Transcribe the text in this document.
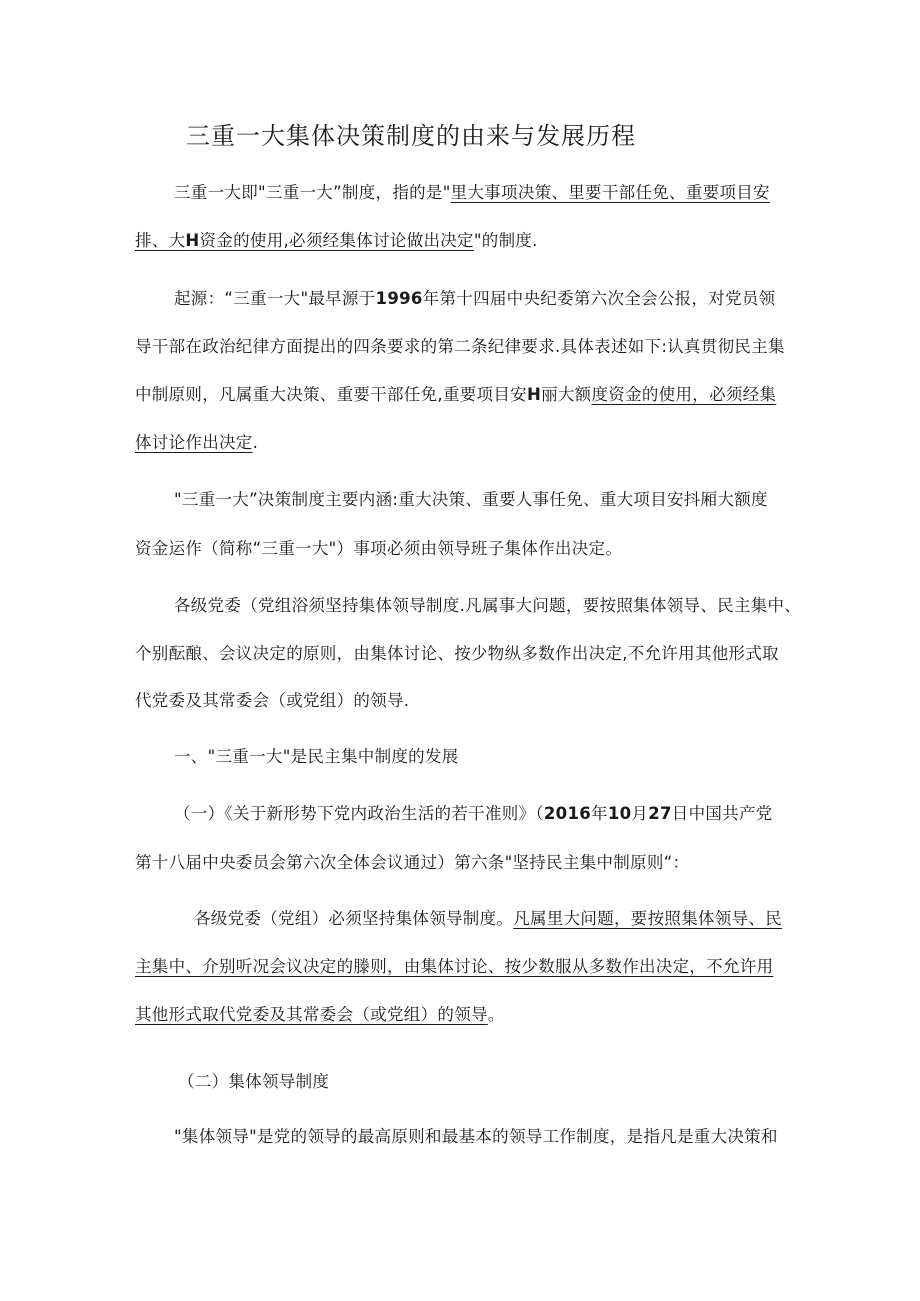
三重一大集体决策制度的由来与发展历程
三重一大即"三重一大”制度，指的是"里大事项决策、里要干部任免、重要项目安
排、大H资金的使用,必须经集体讨论做出决定"的制度.
起源：“三重一大"最早源于1996年第十四届中央纪委第六次全会公报，对党员领
导干部在政治纪律方面提出的四条要求的第二条纪律要求.具体表述如下:认真贯彻民主集
中制原则，凡属重大决策、重要干部任免,重要项目安H丽大额度资金的使用，必须经集
体讨论作出决定.
"三重一大”决策制度主要内涵:重大决策、重要人事任免、重大项目安抖厢大额度
资金运作（简称“三重一大"）事项必须由领导班子集体作出决定。
各级党委（党组浴须坚持集体领导制度.凡属事大问题，要按照集体领导、民主集中、
个别酝酿、会议决定的原则，由集体讨论、按少物纵多数作出决定,不允许用其他形式取
代党委及其常委会（或党组）的领导.
一、"三重一大"是民主集中制度的发展
（一）《关于新形势下党内政治生活的若干准则》（2016年10月27日中国共产党
第十八届中央委员会第六次全体会议通过）第六条"坚持民主集中制原则“：
各级党委（党组）必须坚持集体领导制度。凡属里大问题，要按照集体领导、民
主集中、介别听况会议决定的滕则，由集体讨论、按少数服从多数作出决定，不允许用
其他形式取代党委及其常委会（或党组）的领导。
（二）集体领导制度
"集体领导"是党的领导的最高原则和最基本的领导工作制度，是指凡是重大决策和
